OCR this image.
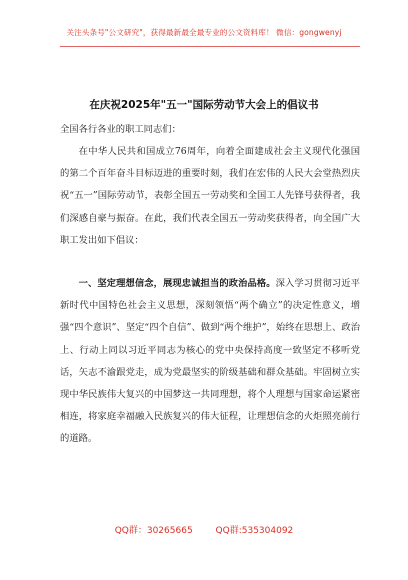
关注头条号"公文研究"，获得最新最全最专业的公文资料库！ 微信：gongwenyj
在庆祝2025年"五一"国际劳动节大会上的倡议书
全国各行各业的职工同志们：
在中华人民共和国成立76周年，向着全面建成社会主义现代化强国的第二个百年奋斗目标迈进的重要时刻，我们在宏伟的人民大会堂热烈庆祝“五一”国际劳动节，表彰全国五一劳动奖和全国工人先锋号获得者，我们深感自豪与振奋。在此，我们代表全国五一劳动奖获得者，向全国广大职工发出如下倡议：
一、坚定理想信念，展现忠诚担当的政治品格。深入学习贯彻习近平新时代中国特色社会主义思想，深刻领悟“两个确立”的决定性意义，增强“四个意识”、坚定“四个自信”、做到“两个维护”，始终在思想上、政治上、行动上同以习近平同志为核心的党中央保持高度一致坚定不移听党话，矢志不渝跟党走，成为党最坚实的阶级基础和群众基础。牢固树立实现中华民族伟大复兴的中国梦这一共同理想，将个人理想与国家命运紧密相连，将家庭幸福融入民族复兴的伟大征程，让理想信念的火炬照亮前行的道路。
QQ群：30265665	QQ群:535304092
